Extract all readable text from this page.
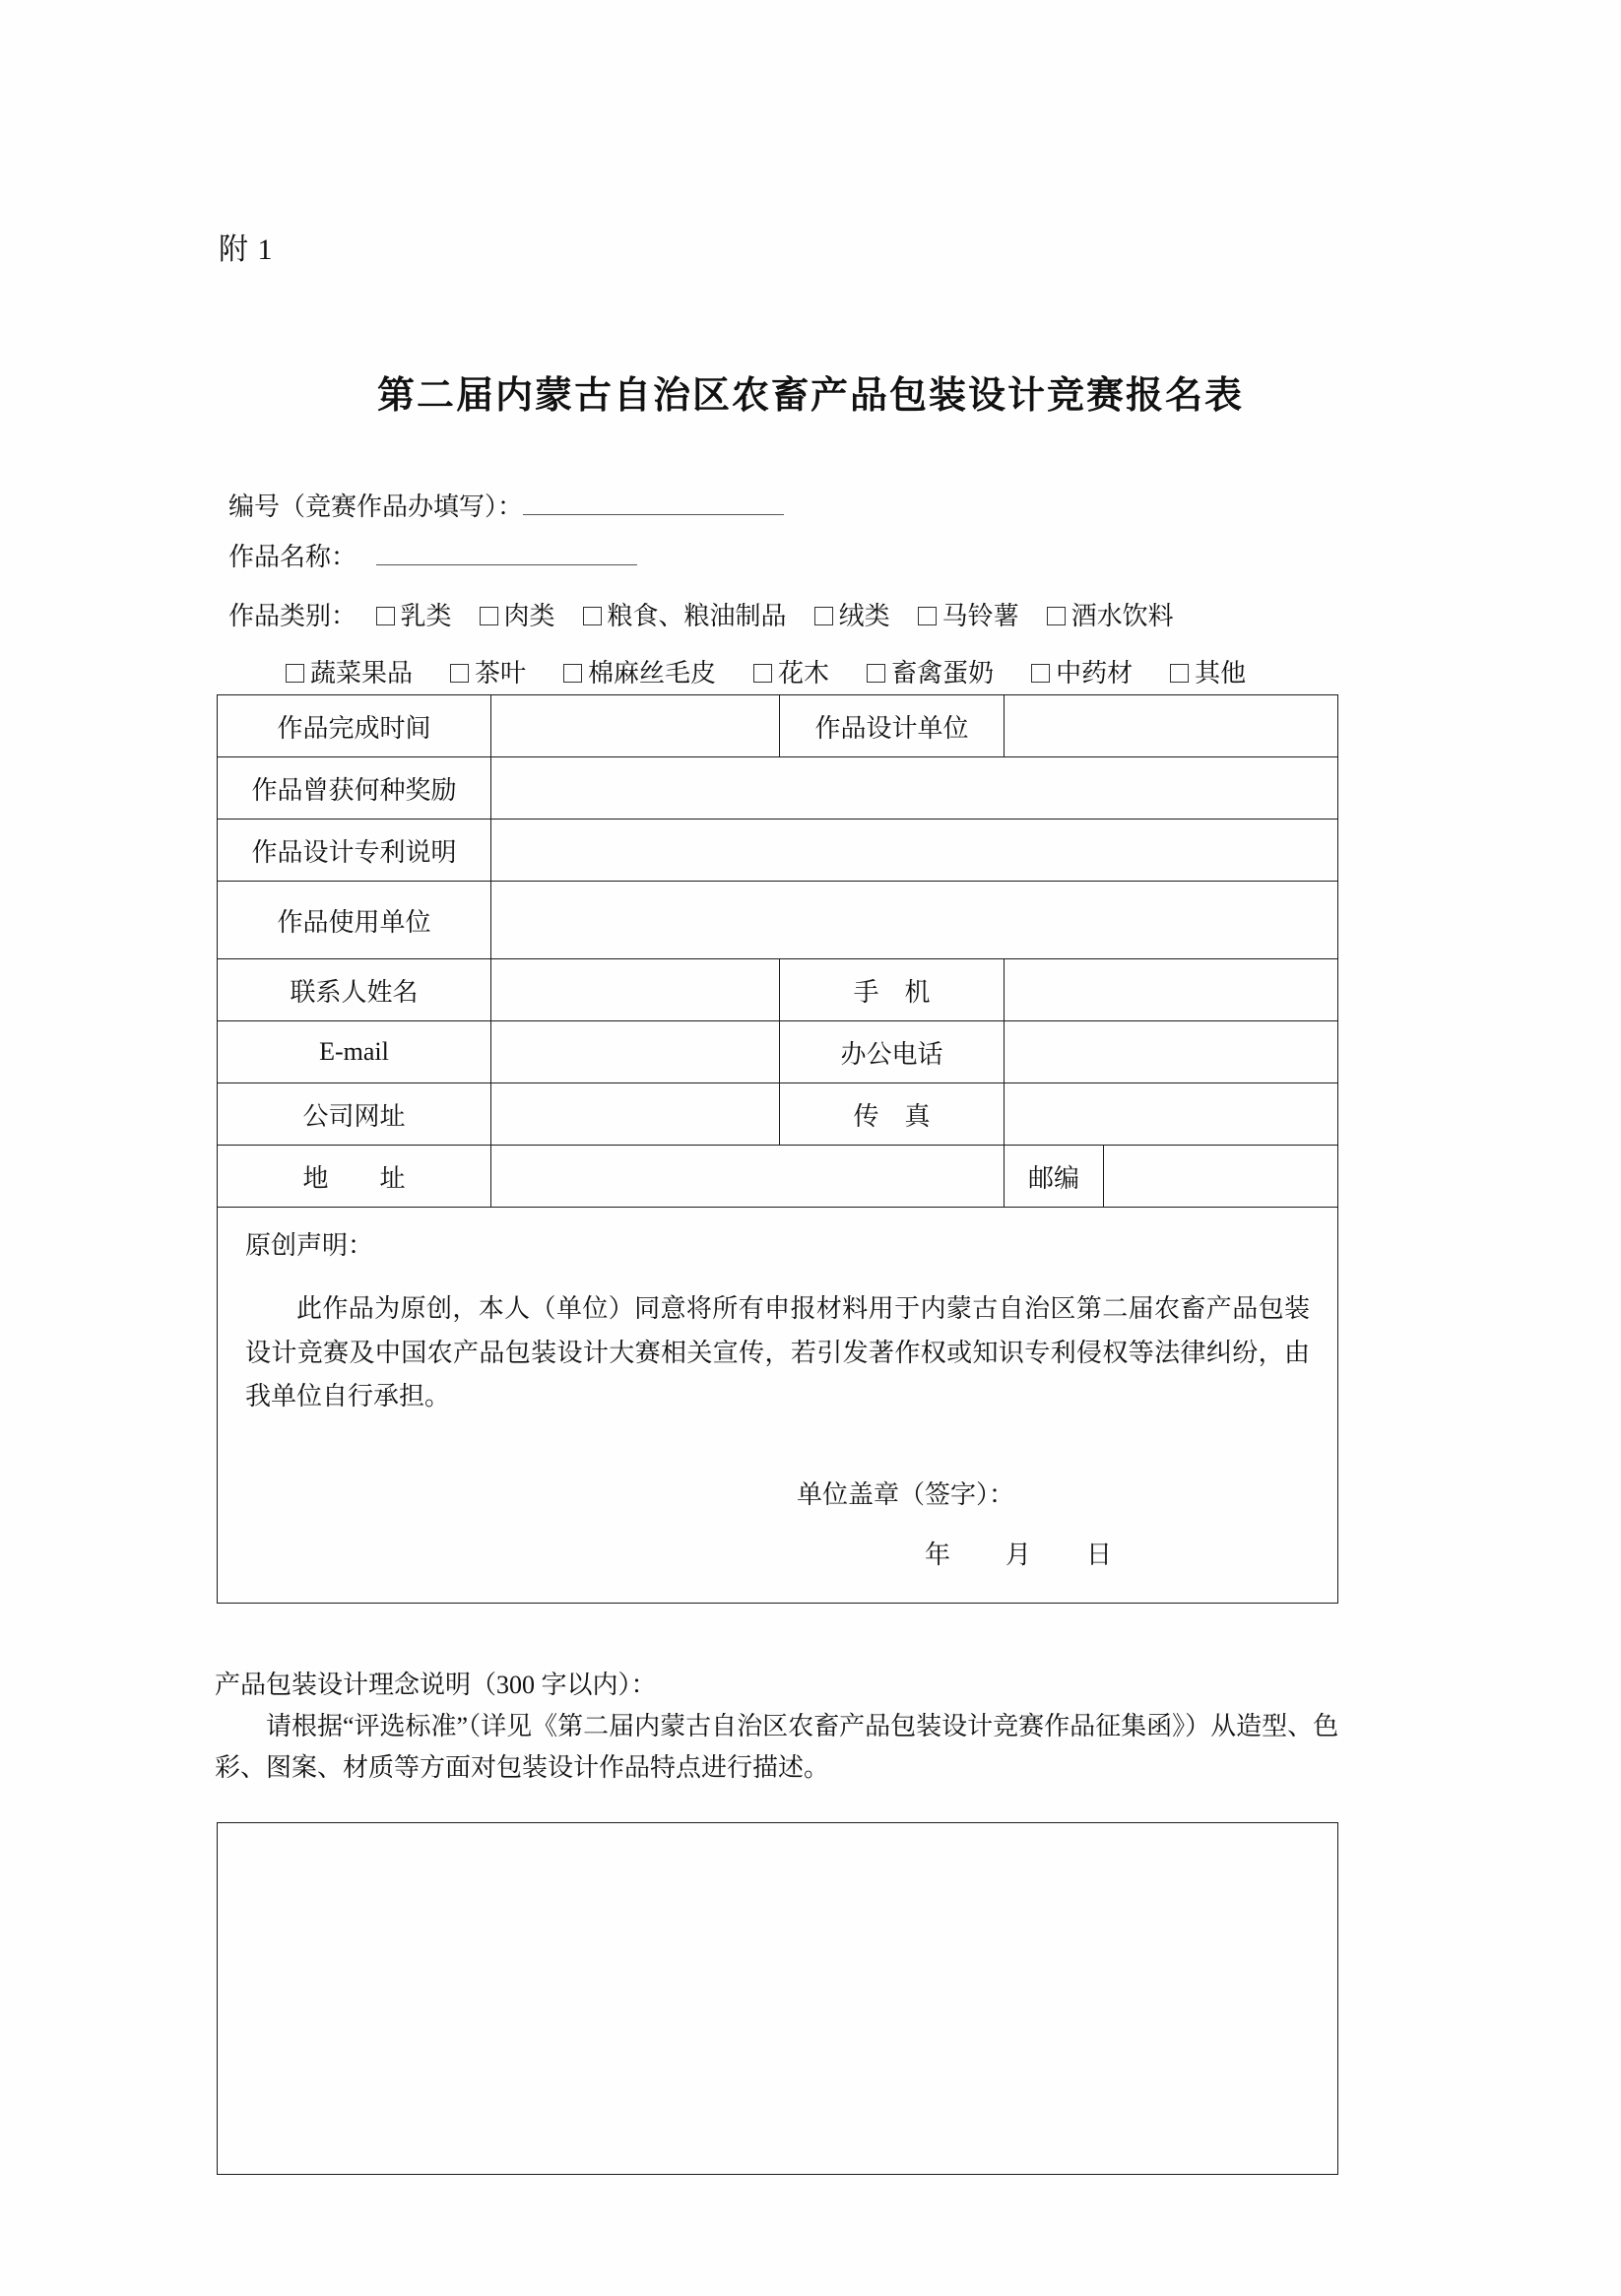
附 1
第二届内蒙古自治区农畜产品包装设计竞赛报名表
编号（竞赛作品办填写）：
作品名称：
作品类别： 乳类 肉类 粮食、粮油制品 绒类 马铃薯 酒水饮料
蔬菜果品 茶叶 棉麻丝毛皮 花木 畜禽蛋奶 中药材 其他
作品完成时间		作品设计单位	
作品曾获何种奖励	
作品设计专利说明	
作品使用单位	
联系人姓名		手　机	
E-mail		办公电话	
公司网址		传　真	
地　　址			邮编	
原创声明：
此作品为原创，本人（单位）同意将所有申报材料用于内蒙古自治区第二届农畜产品包装设计竞赛及中国农产品包装设计大赛相关宣传，若引发著作权或知识专利侵权等法律纠纷，由我单位自行承担。
单位盖章（签字）：
年 月 日
产品包装设计理念说明（300 字以内）：
请根据“评选标准”（详见《第二届内蒙古自治区农畜产品包装设计竞赛作品征集函》）从造型、色彩、图案、材质等方面对包装设计作品特点进行描述。
